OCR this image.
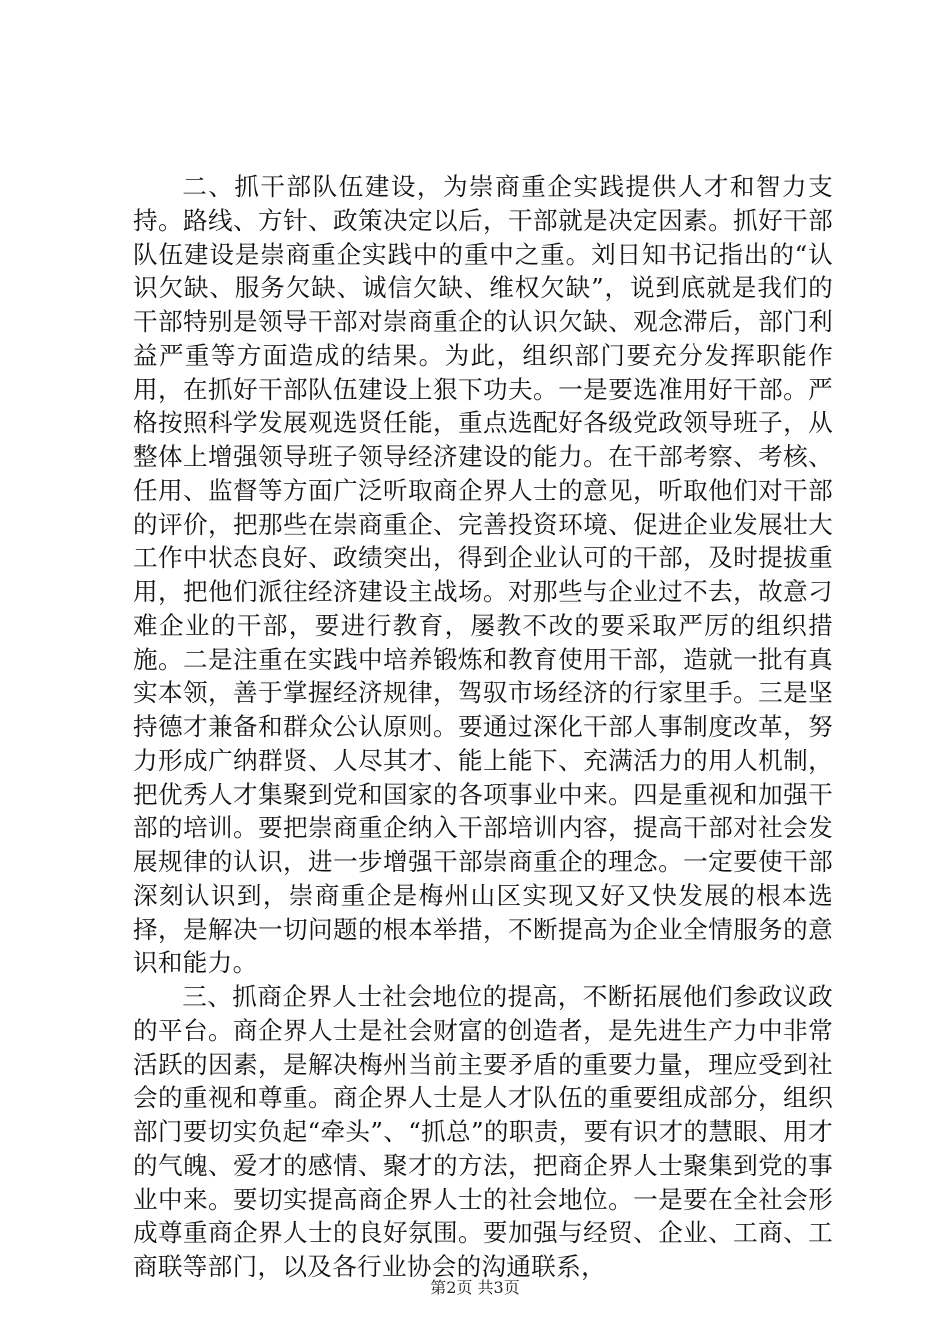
二、抓干部队伍建设，为崇商重企实践提供人才和智力支持。路线、方针、政策决定以后，干部就是决定因素。抓好干部队伍建设是崇商重企实践中的重中之重。刘日知书记指出的“认识欠缺、服务欠缺、诚信欠缺、维权欠缺”，说到底就是我们的干部特别是领导干部对崇商重企的认识欠缺、观念滞后，部门利益严重等方面造成的结果。为此，组织部门要充分发挥职能作用，在抓好干部队伍建设上狠下功夫。一是要选准用好干部。严格按照科学发展观选贤任能，重点选配好各级党政领导班子，从整体上增强领导班子领导经济建设的能力。在干部考察、考核、任用、监督等方面广泛听取商企界人士的意见，听取他们对干部的评价，把那些在崇商重企、完善投资环境、促进企业发展壮大工作中状态良好、政绩突出，得到企业认可的干部，及时提拔重用，把他们派往经济建设主战场。对那些与企业过不去，故意刁难企业的干部，要进行教育，屡教不改的要采取严厉的组织措施。二是注重在实践中培养锻炼和教育使用干部，造就一批有真实本领，善于掌握经济规律，驾驭市场经济的行家里手。三是坚持德才兼备和群众公认原则。要通过深化干部人事制度改革，努力形成广纳群贤、人尽其才、能上能下、充满活力的用人机制，把优秀人才集聚到党和国家的各项事业中来。四是重视和加强干部的培训。要把崇商重企纳入干部培训内容，提高干部对社会发展规律的认识，进一步增强干部崇商重企的理念。一定要使干部深刻认识到，崇商重企是梅州山区实现又好又快发展的根本选择，是解决一切问题的根本举措，不断提高为企业全情服务的意识和能力。

三、抓商企界人士社会地位的提高，不断拓展他们参政议政的平台。商企界人士是社会财富的创造者，是先进生产力中非常活跃的因素，是解决梅州当前主要矛盾的重要力量，理应受到社会的重视和尊重。商企界人士是人才队伍的重要组成部分，组织部门要切实负起“牵头”、“抓总”的职责，要有识才的慧眼、用才的气魄、爱才的感情、聚才的方法，把商企界人士聚集到党的事业中来。要切实提高商企界人士的社会地位。一是要在全社会形成尊重商企界人士的良好氛围。要加强与经贸、企业、工商、工商联等部门，以及各行业协会的沟通联系，

第2页 共3页
